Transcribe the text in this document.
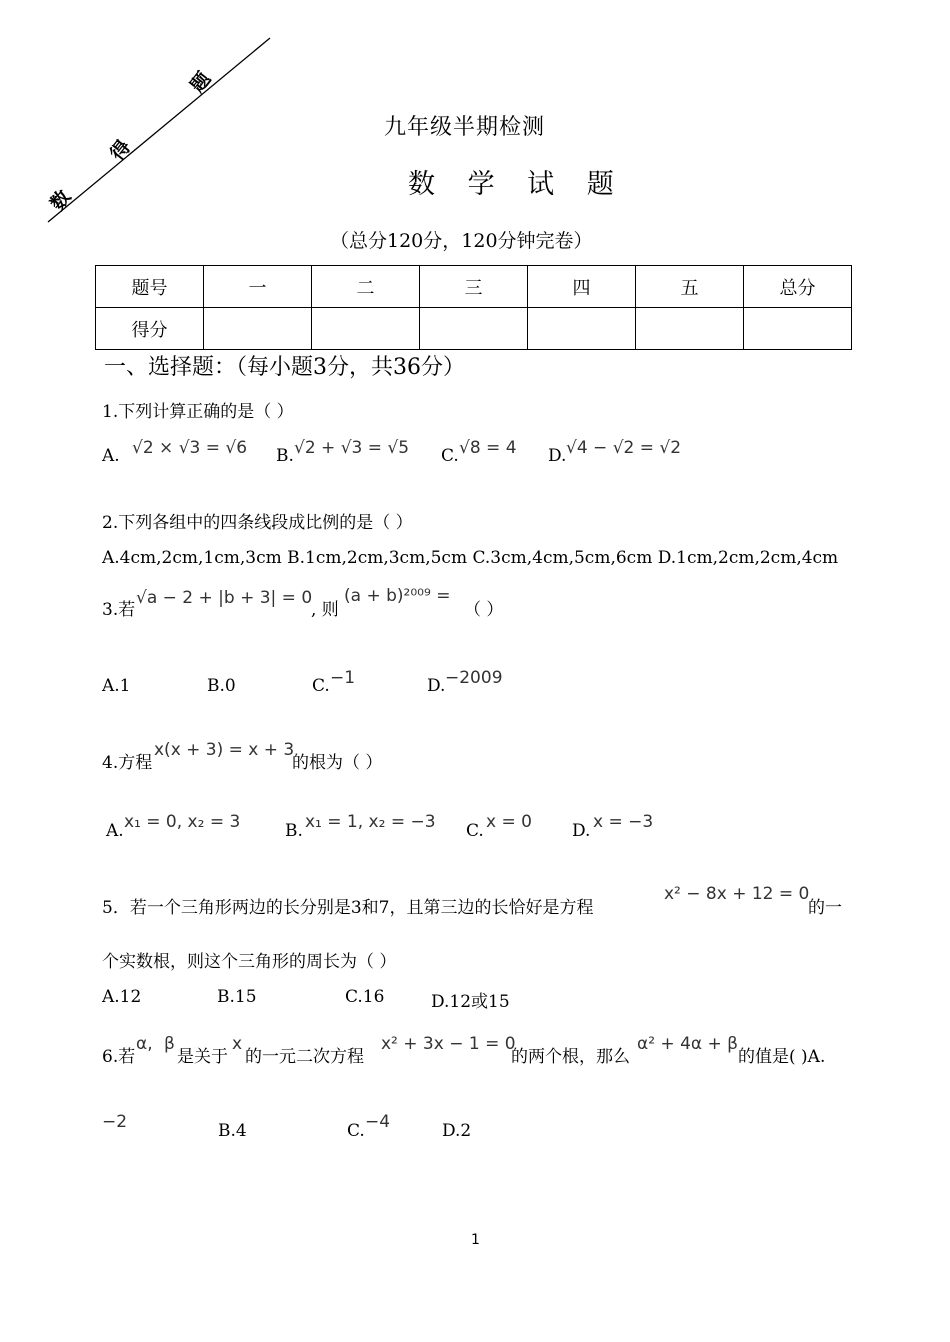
数
得
题
九年级半期检测
数 学 试 题
（总分120分，120分钟完卷）
题号	一	二	三	四	五	总分
得分						
一、选择题：（每小题3分，共36分）
1.下列计算正确的是（ ）
A. √2 × √3 = √6 B. √2 + √3 = √5 C. √8 = 4 D. √4 − √2 = √2
2.下列各组中的四条线段成比例的是（ ）
A.4cm,2cm,1cm,3cm B.1cm,2cm,3cm,5cm C.3cm,4cm,5cm,6cm D.1cm,2cm,2cm,4cm
3.若
√a − 2 + |b + 3| = 0
, 则
(a + b)²⁰⁰⁹ =
（ ）
A.1	B.0	C. −1	D. −2009
4.方程
x(x + 3) = x + 3
的根为（ ）
A. x₁ = 0, x₂ = 3	B. x₁ = 1, x₂ = −3 C. x = 0 D. x = −3
5．若一个三角形两边的长分别是3和7，且第三边的长恰好是方程
x² − 8x + 12 = 0
的一
个实数根，则这个三角形的周长为（ ）
A.12	B.15	C.16	D.12或15
6.若
α, β
是关于
x
的一元二次方程
x² + 3x − 1 = 0
的两个根，那么
α² + 4α + β
的值是( )A.
−2	B.4	C. −4	D.2
1
